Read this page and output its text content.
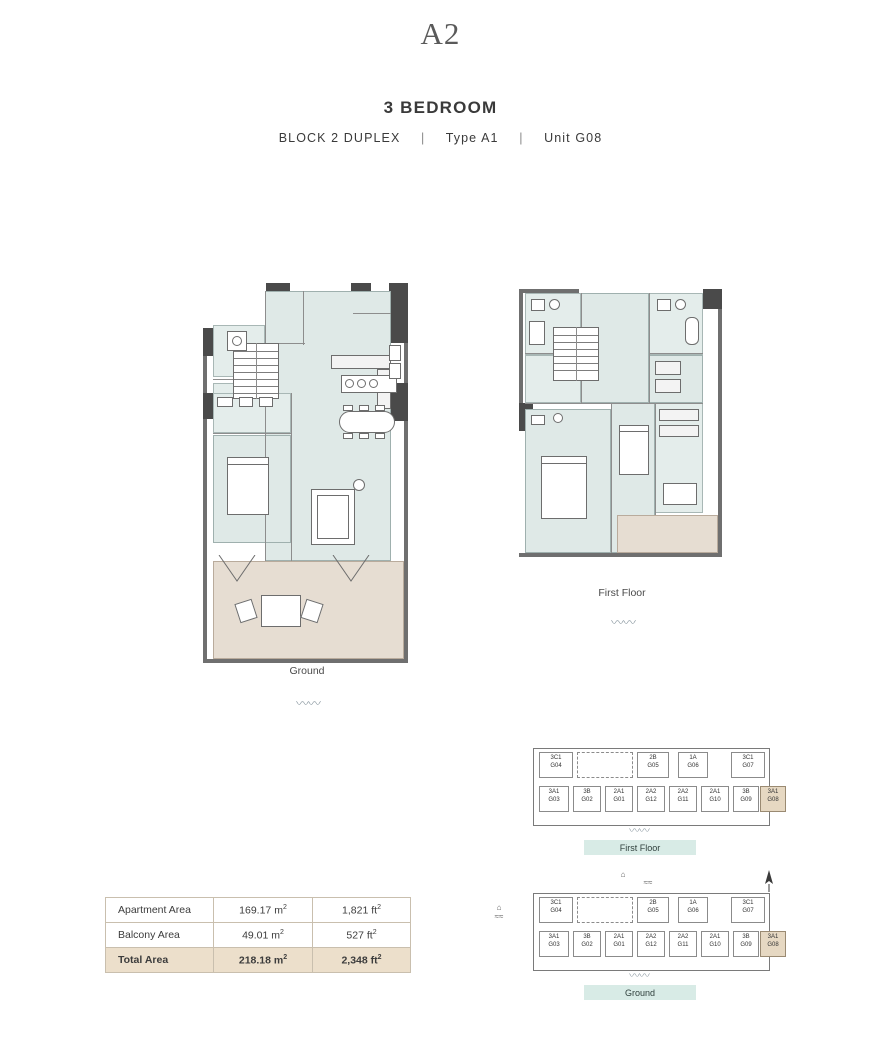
A2
3 BEDROOM
BLOCK 2 DUPLEX | Type A1 | Unit G08
Ground
〰〰
First Floor
〰〰
Apartment Area	169.17 $m^2$	1,821 $ft^2$
Balcony Area	49.01 $m^2$	527 $ft^2$
Total Area	218.18 $m^2$	2,348 $ft^2$
3C1
G04
2B
G05
1A
G06
3C1
G07
3A1
G03
3B
G02
2A1
G01
2A2
G12
2A2
G11
2A1
G10
3B
G09
3A1
G08
〰〰
First Floor
3C1
G04
2B
G05
1A
G06
3C1
G07
3A1
G03
3B
G02
2A1
G01
2A2
G12
2A2
G11
2A1
G10
3B
G09
3A1
G08
〰〰
Ground
⌂
≈≈
⌂
≈≈
